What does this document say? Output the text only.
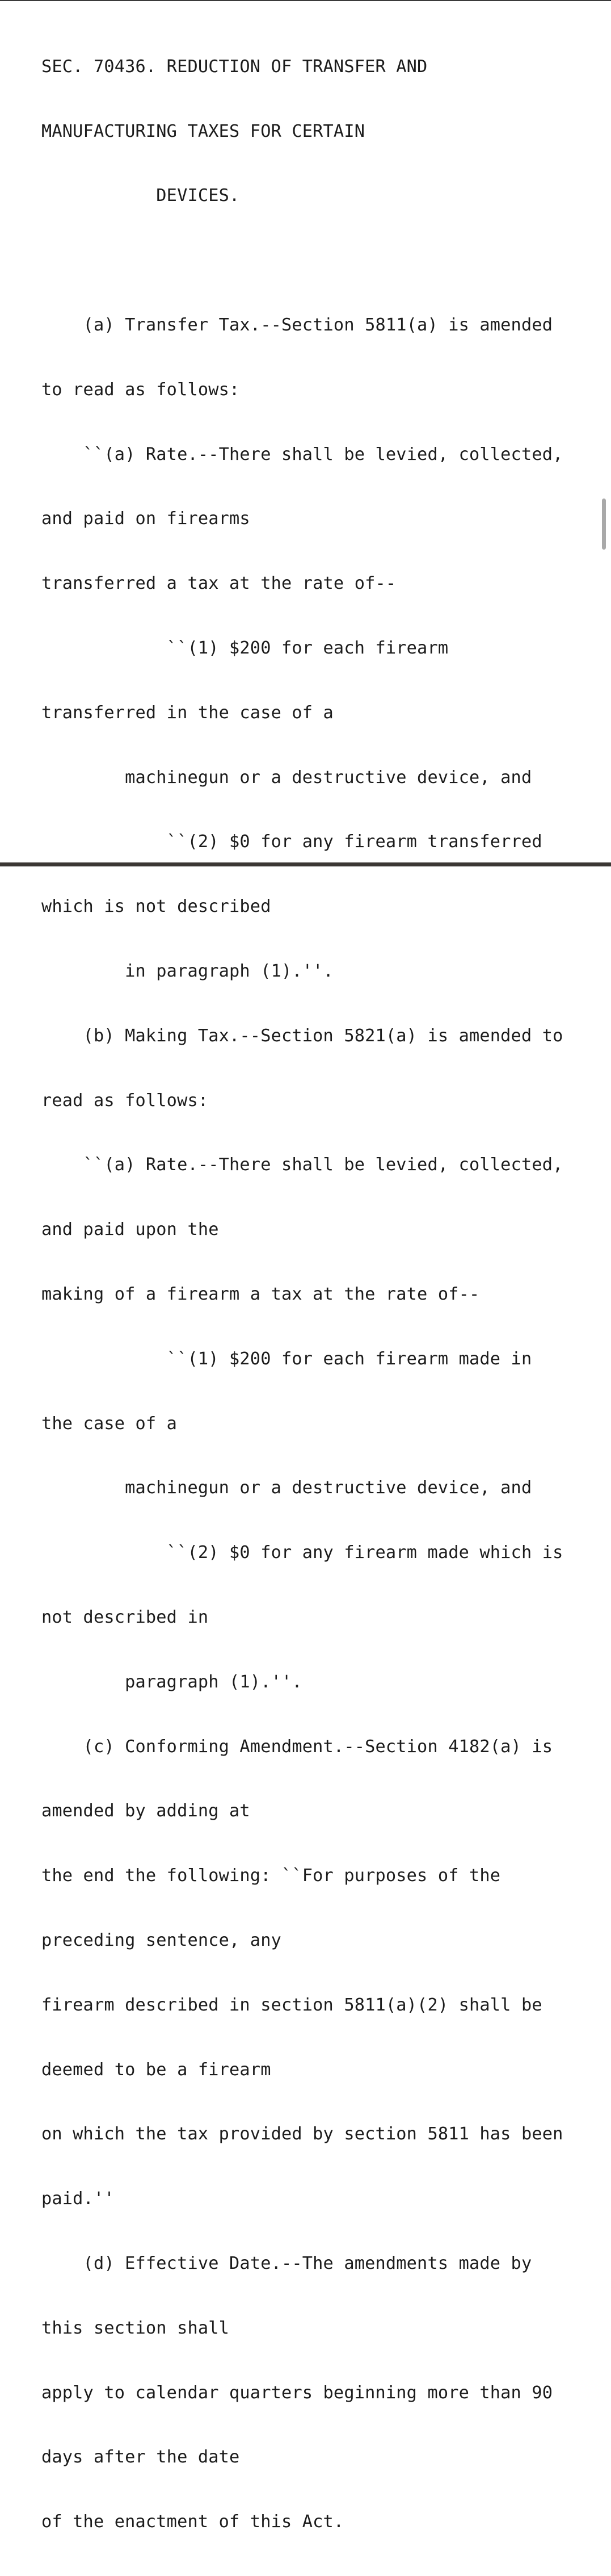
SEC. 70436. REDUCTION OF TRANSFER AND

MANUFACTURING TAXES FOR CERTAIN

DEVICES.

(a) Transfer Tax.--Section 5811(a) is amended

to read as follows:

``(a) Rate.--There shall be levied, collected,

and paid on firearms

transferred a tax at the rate of--

``(1) $200 for each firearm

transferred in the case of a

machinegun or a destructive device, and

``(2) $0 for any firearm transferred

which is not described

in paragraph (1).''.

(b) Making Tax.--Section 5821(a) is amended to

read as follows:

``(a) Rate.--There shall be levied, collected,

and paid upon the

making of a firearm a tax at the rate of--

``(1) $200 for each firearm made in

the case of a

machinegun or a destructive device, and

``(2) $0 for any firearm made which is

not described in

paragraph (1).''.

(c) Conforming Amendment.--Section 4182(a) is

amended by adding at

the end the following: ``For purposes of the

preceding sentence, any

firearm described in section 5811(a)(2) shall be

deemed to be a firearm

on which the tax provided by section 5811 has been

paid.''

(d) Effective Date.--The amendments made by

this section shall

apply to calendar quarters beginning more than 90

days after the date

of the enactment of this Act.
